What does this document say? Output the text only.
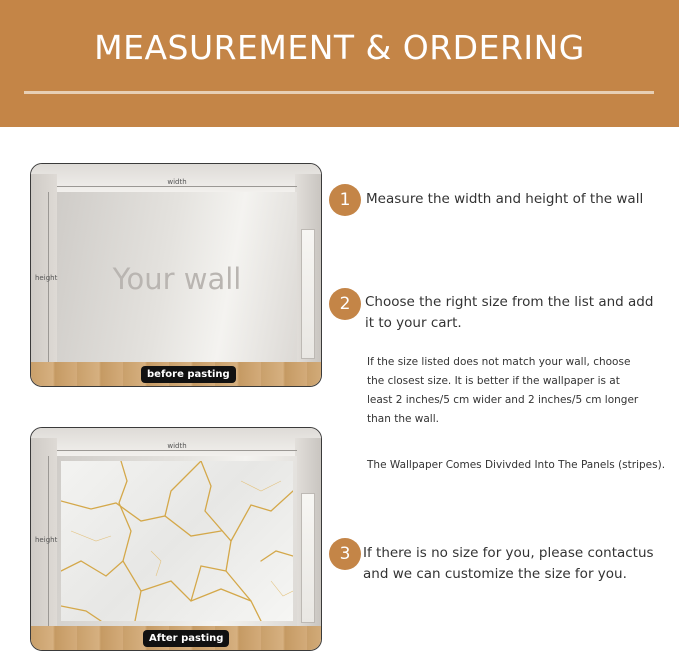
MEASUREMENT & ORDERING
width
height	Your wall
before pasting
width
height
After pasting
1	Measure the width and height of the wall
2	Choose the right size from the list and add it to your cart.
If the size listed does not match your wall, choose the closest size. It is better if the wallpaper is at least 2 inches/5 cm wider and 2 inches/5 cm longer than the wall.
The Wallpaper Comes Divivded Into The Panels (stripes).
3 If there is no size for you, please contactus and we can customize the size for you.
